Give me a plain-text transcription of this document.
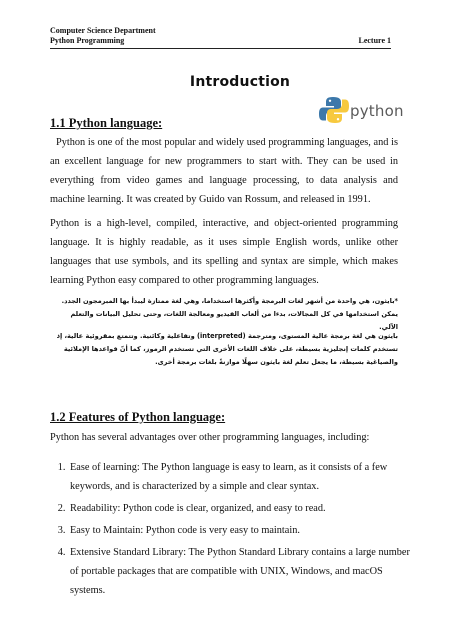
Computer Science Department
Python Programming	Lecture 1
Introduction
python
1.1 Python language:
Python is one of the most popular and widely used programming languages, and is an excellent language for new programmers to start with. They can be used in everything from video games and language processing, to data analysis and machine learning. It was created by Guido van Rossum, and released in 1991.
Python is a high-level, compiled, interactive, and object-oriented programming language. It is highly readable, as it uses simple English words, unlike other languages that use symbols, and its spelling and syntax are simple, which makes learning Python easy compared to other programming languages.
*بايثون، هي واحدة من أشهر لغات البرمجة وأكثرها استخداما، وهي لغة ممتازة ليبدأ بها المبرمجون الجدد. يمكن استخدامها في كل المجالات، بدءا من ألعاب الفيديو ومعالجة اللغات، وحتى تحليل البيانات والتعلم الآلي.
بايثون هي لغة برمجة عالية المستوى، ومترجمة (interpreted) وتفاعلية وكائنية. وتتمتع بمقروئية عالية، إذ تستخدم كلمات إنجليزية بسيطة، على خلاف اللغات الأخرى التي تستخدم الرموز، كما أنّ قواعدها الإملائية والصياغية بسيطة، ما يجعل تعلم لغة بايثون سهلًا موازنةً بلغات برمجة أخرى.
1.2 Features of Python language:
Python has several advantages over other programming languages, including:
1. Ease of learning: The Python language is easy to learn, as it consists of a few keywords, and is characterized by a simple and clear syntax.
2. Readability: Python code is clear, organized, and easy to read.
3. Easy to Maintain: Python code is very easy to maintain.
4. Extensive Standard Library: The Python Standard Library contains a large number of portable packages that are compatible with UNIX, Windows, and macOS systems.
